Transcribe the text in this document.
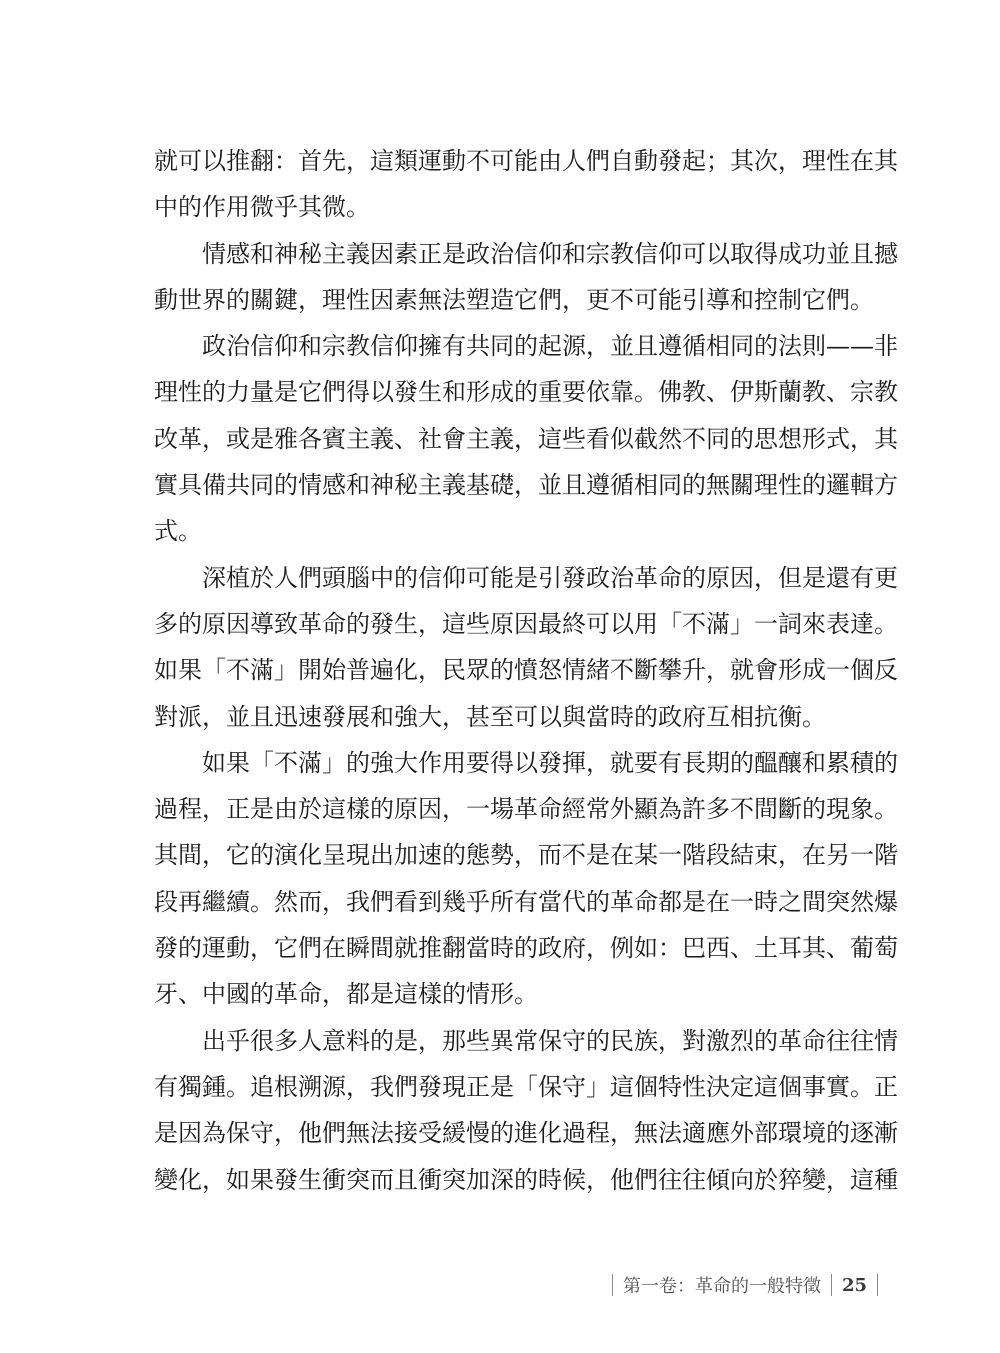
就可以推翻：首先，這類運動不可能由人們自動發起；其次，理性在其
中的作用微乎其微。
情感和神秘主義因素正是政治信仰和宗教信仰可以取得成功並且撼
動世界的關鍵，理性因素無法塑造它們，更不可能引導和控制它們。
政治信仰和宗教信仰擁有共同的起源，並且遵循相同的法則——非
理性的力量是它們得以發生和形成的重要依靠。佛教、伊斯蘭教、宗教
改革，或是雅各賓主義、社會主義，這些看似截然不同的思想形式，其
實具備共同的情感和神秘主義基礎，並且遵循相同的無關理性的邏輯方
式。
深植於人們頭腦中的信仰可能是引發政治革命的原因，但是還有更
多的原因導致革命的發生，這些原因最終可以用「不滿」一詞來表達。
如果「不滿」開始普遍化，民眾的憤怒情緒不斷攀升，就會形成一個反
對派，並且迅速發展和強大，甚至可以與當時的政府互相抗衡。
如果「不滿」的強大作用要得以發揮，就要有長期的醞釀和累積的
過程，正是由於這樣的原因，一場革命經常外顯為許多不間斷的現象。
其間，它的演化呈現出加速的態勢，而不是在某一階段結束，在另一階
段再繼續。然而，我們看到幾乎所有當代的革命都是在一時之間突然爆
發的運動，它們在瞬間就推翻當時的政府，例如：巴西、土耳其、葡萄
牙、中國的革命，都是這樣的情形。
出乎很多人意料的是，那些異常保守的民族，對激烈的革命往往情
有獨鍾。追根溯源，我們發現正是「保守」這個特性決定這個事實。正
是因為保守，他們無法接受緩慢的進化過程，無法適應外部環境的逐漸
變化，如果發生衝突而且衝突加深的時候，他們往往傾向於猝變，這種
第一卷：革命的一般特徵	25
